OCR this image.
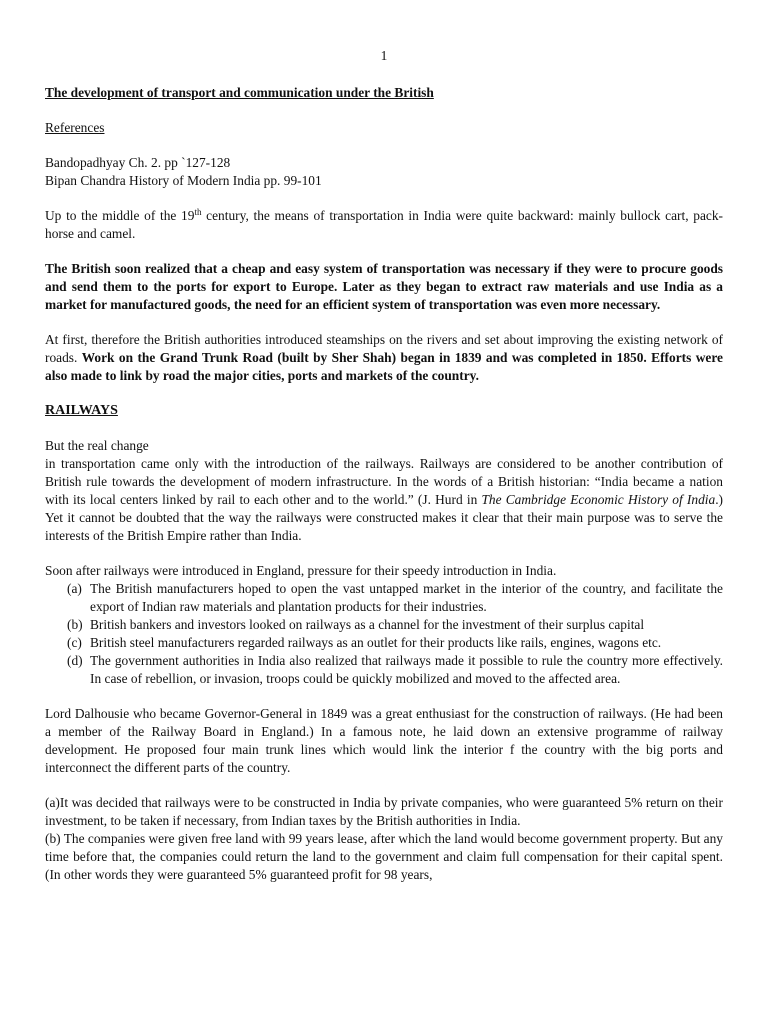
1

The development of transport and communication under the British

References

Bandopadhyay Ch. 2. pp `127-128

Bipan Chandra History of Modern India pp. 99-101

Up to the middle of the 19th century, the means of transportation in India were quite backward: mainly bullock cart, pack-horse and camel.

The British soon realized that a cheap and easy system of transportation was necessary if they were to procure goods and send them to the ports for export to Europe. Later as they began to extract raw materials and use India as a market for manufactured goods, the need for an efficient system of transportation was even more necessary.

At first, therefore the British authorities introduced steamships on the rivers and set about improving the existing network of roads. Work on the Grand Trunk Road (built by Sher Shah) began in 1839 and was completed in 1850. Efforts were also made to link by road the major cities, ports and markets of the country.

RAILWAYS

But the real change

in transportation came only with the introduction of the railways. Railways are considered to be another contribution of British rule towards the development of modern infrastructure. In the words of a British historian: “India became a nation with its local centers linked by rail to each other and to the world.” (J. Hurd in The Cambridge Economic History of India.) Yet it cannot be doubted that the way the railways were constructed makes it clear that their main purpose was to serve the interests of the British Empire rather than India.

Soon after railways were introduced in England, pressure for their speedy introduction in India.

(a) The British manufacturers hoped to open the vast untapped market in the interior of the country, and facilitate the export of Indian raw materials and plantation products for their industries.
(b) British bankers and investors looked on railways as a channel for the investment of their surplus capital
(c) British steel manufacturers regarded railways as an outlet for their products like rails, engines, wagons etc.
(d) The government authorities in India also realized that railways made it possible to rule the country more effectively. In case of rebellion, or invasion, troops could be quickly mobilized and moved to the affected area.

Lord Dalhousie who became Governor-General in 1849 was a great enthusiast for the construction of railways. (He had been a member of the Railway Board in England.) In a famous note, he laid down an extensive programme of railway development. He proposed four main trunk lines which would link the interior f the country with the big ports and interconnect the different parts of the country.

(a)It was decided that railways were to be constructed in India by private companies, who were guaranteed 5% return on their investment, to be taken if necessary, from Indian taxes by the British authorities in India.

(b) The companies were given free land with 99 years lease, after which the land would become government property. But any time before that, the companies could return the land to the government and claim full compensation for their capital spent. (In other words they were guaranteed 5% guaranteed profit for 98 years,
